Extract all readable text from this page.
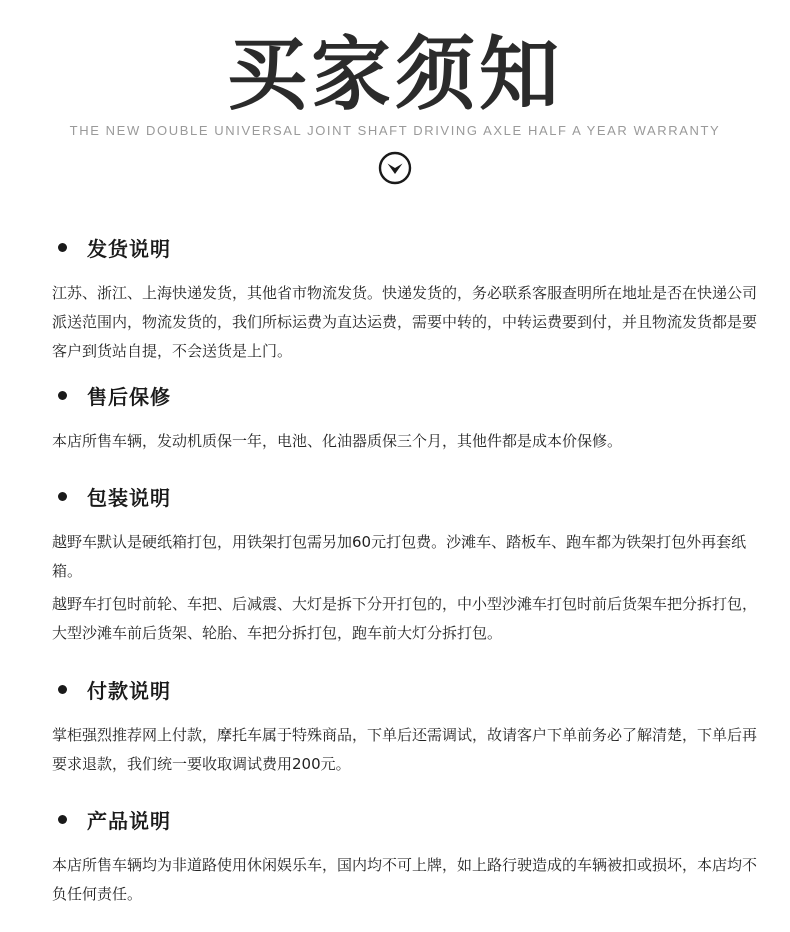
买家须知
THE NEW DOUBLE UNIVERSAL JOINT SHAFT DRIVING AXLE HALF A YEAR WARRANTY
发货说明
江苏、浙江、上海快递发货，其他省市物流发货。快递发货的，务必联系客服查明所在地址是否在快递公司派送范围内，物流发货的，我们所标运费为直达运费，需要中转的，中转运费要到付，并且物流发货都是要客户到货站自提，不会送货是上门。
售后保修
本店所售车辆，发动机质保一年，电池、化油器质保三个月，其他件都是成本价保修。
包装说明
越野车默认是硬纸箱打包，用铁架打包需另加60元打包费。沙滩车、踏板车、跑车都为铁架打包外再套纸箱。
越野车打包时前轮、车把、后减震、大灯是拆下分开打包的，中小型沙滩车打包时前后货架车把分拆打包，大型沙滩车前后货架、轮胎、车把分拆打包，跑车前大灯分拆打包。
付款说明
掌柜强烈推荐网上付款，摩托车属于特殊商品，下单后还需调试，故请客户下单前务必了解清楚，下单后再要求退款，我们统一要收取调试费用200元。
产品说明
本店所售车辆均为非道路使用休闲娱乐车，国内均不可上牌，如上路行驶造成的车辆被扣或损坏，本店均不负任何责任。
